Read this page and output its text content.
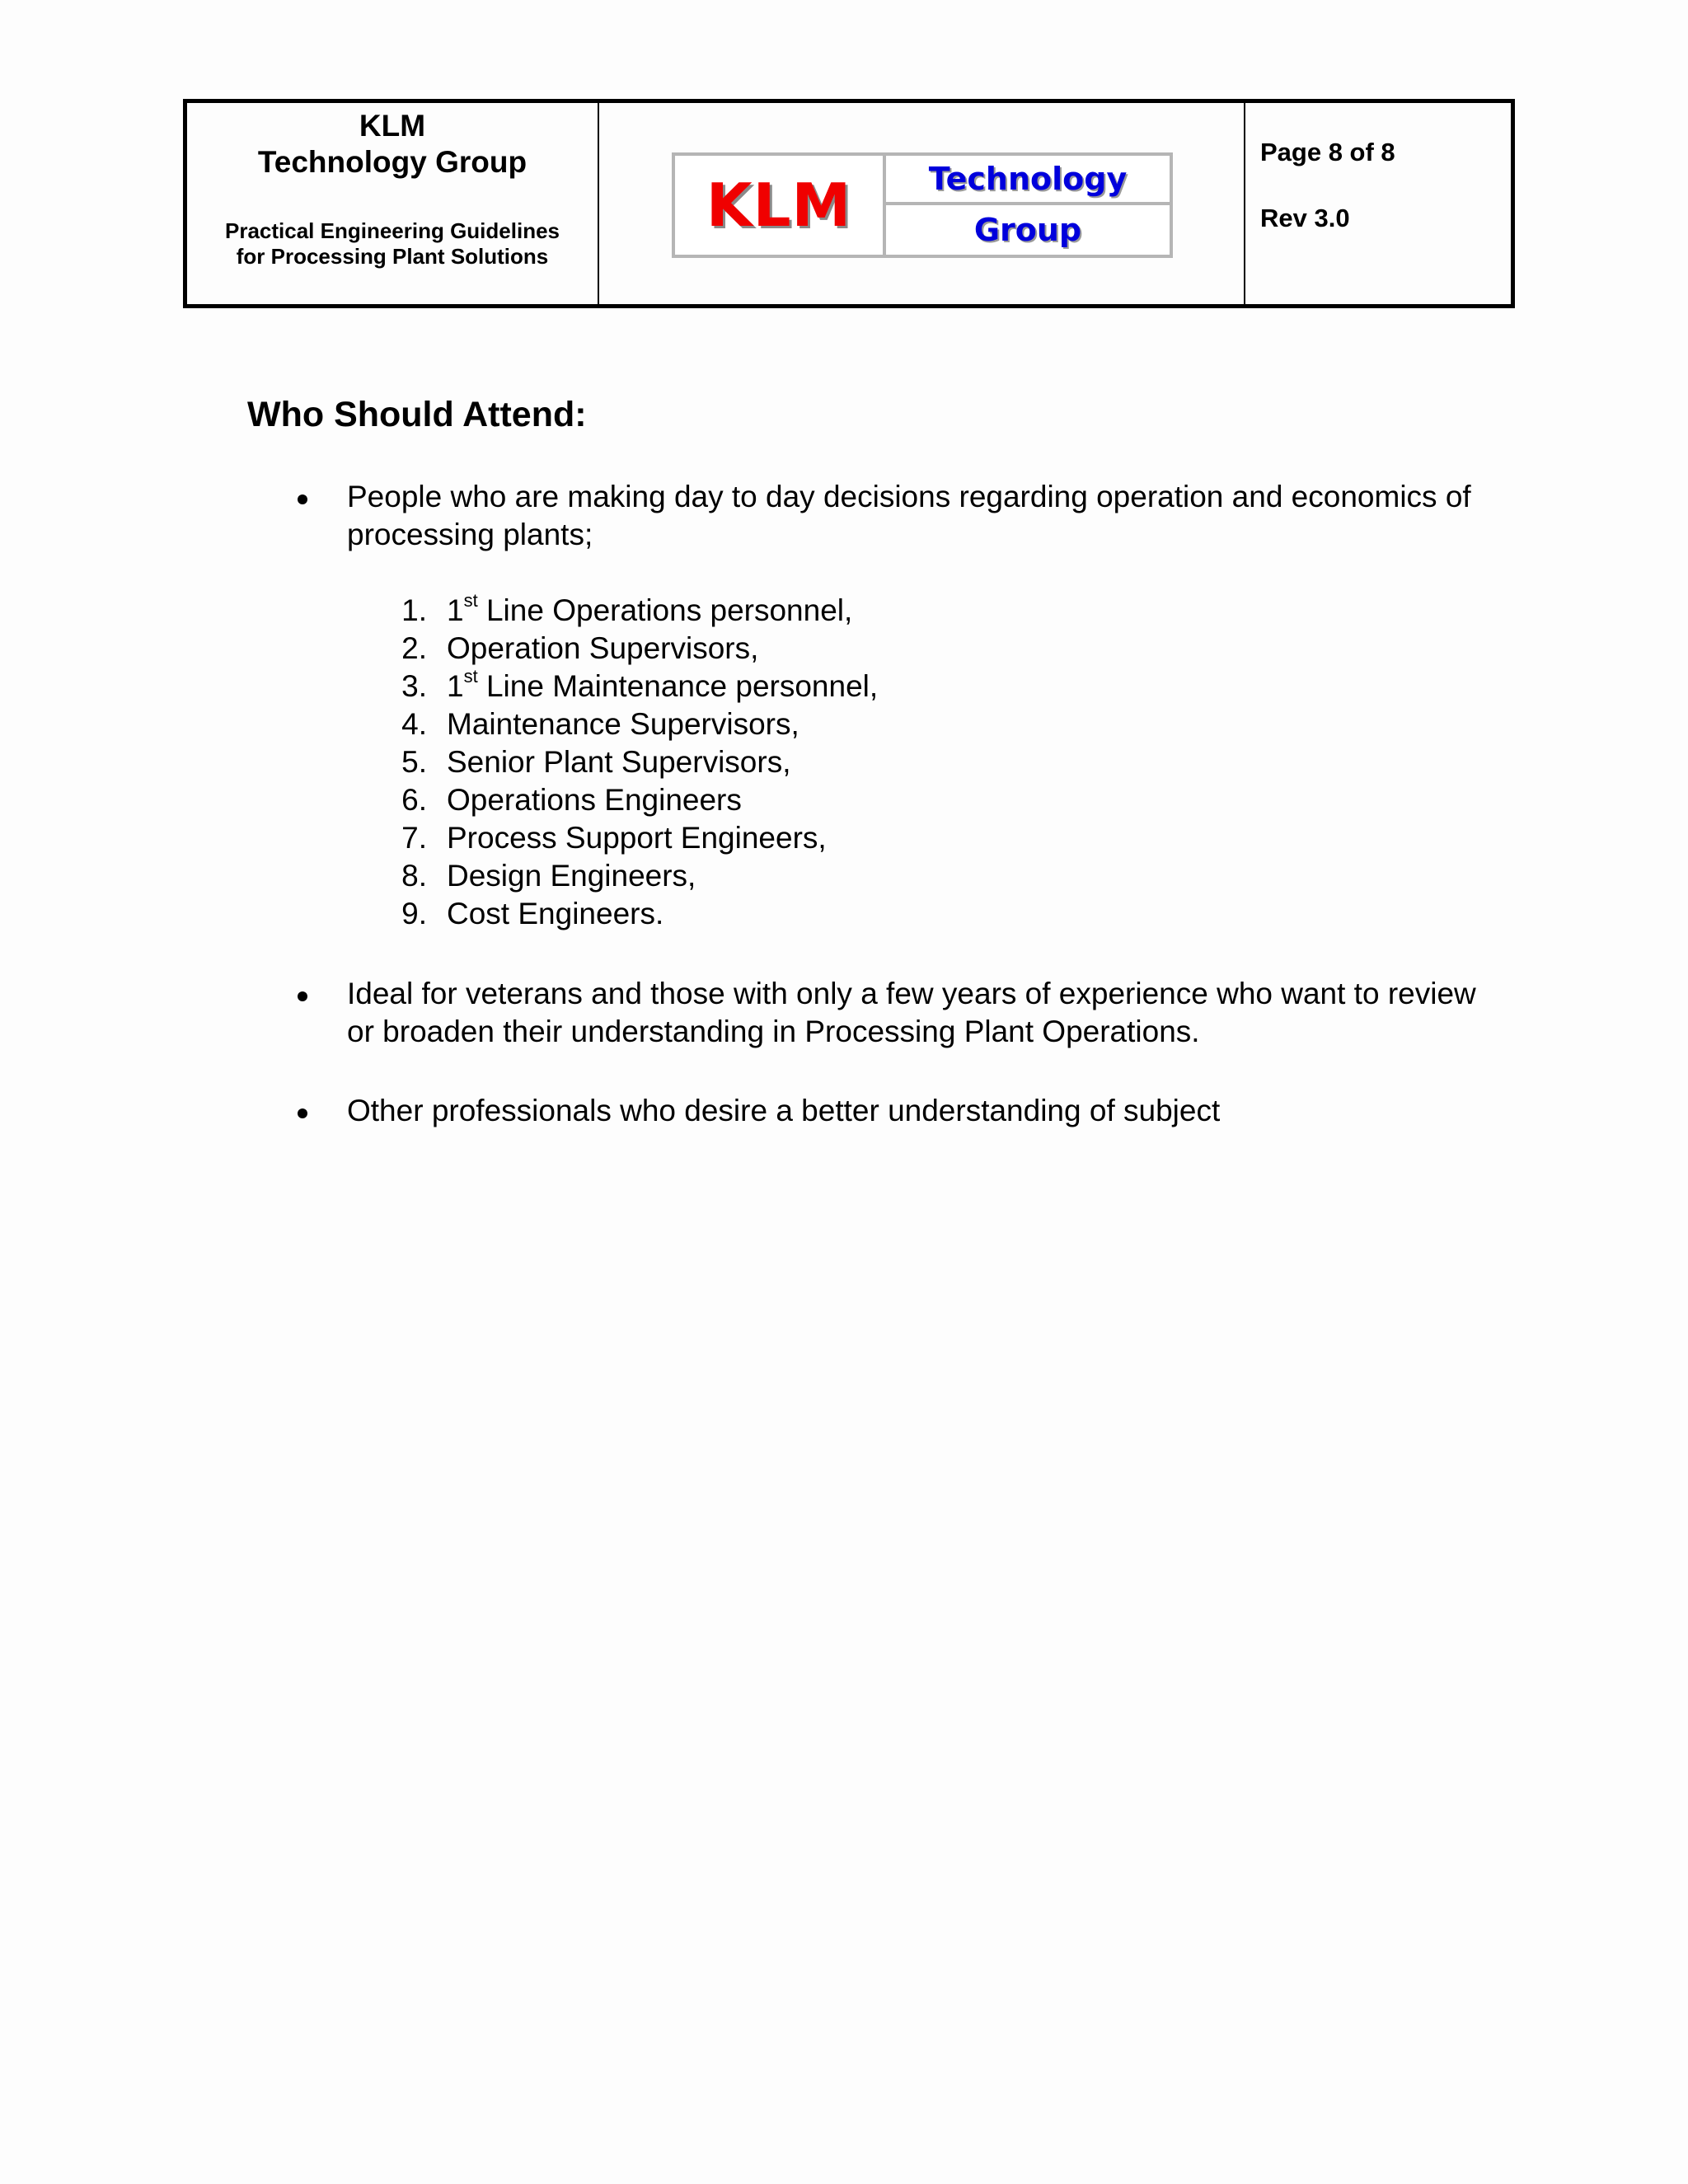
KLM
Technology Group
Practical Engineering Guidelines
for Processing Plant Solutions
KLM Technology
Group
Page 8 of 8
Rev 3.0
Who Should Attend:
People who are making day to day decisions regarding operation and economics of processing plants;
1. 1st Line Operations personnel,
2. Operation Supervisors,
3. 1st Line Maintenance personnel,
4. Maintenance Supervisors,
5. Senior Plant Supervisors,
6. Operations Engineers
7. Process Support Engineers,
8. Design Engineers,
9. Cost Engineers.
Ideal for veterans and those with only a few years of experience who want to review or broaden their understanding in Processing Plant Operations.
Other professionals who desire a better understanding of subject
